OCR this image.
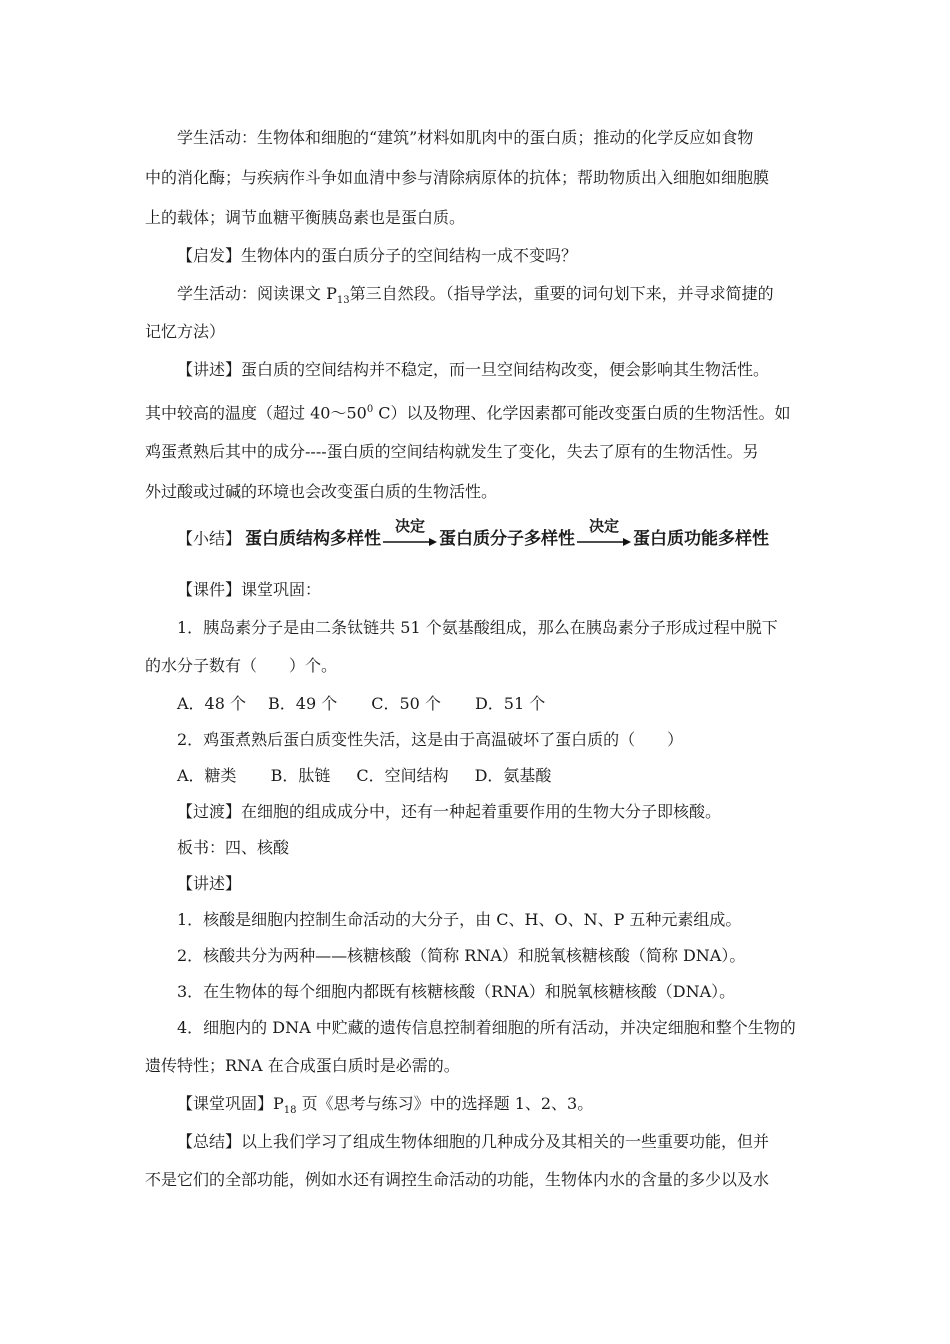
学生活动：生物体和细胞的“建筑”材料如肌肉中的蛋白质；推动的化学反应如食物
中的消化酶；与疾病作斗争如血清中参与清除病原体的抗体；帮助物质出入细胞如细胞膜
上的载体；调节血糖平衡胰岛素也是蛋白质。
【启发】生物体内的蛋白质分子的空间结构一成不变吗？
学生活动：阅读课文 $P_{13}$第三自然段。（指导学法，重要的词句划下来，并寻求简捷的
记忆方法）
【讲述】蛋白质的空间结构并不稳定，而一旦空间结构改变，便会影响其生物活性。
其中较高的温度（超过 $40\sim 50^0$ C）以及物理、化学因素都可能改变蛋白质的生物活性。如
鸡蛋煮熟后其中的成分----蛋白质的空间结构就发生了变化，失去了原有的生物活性。另
外过酸或过碱的环境也会改变蛋白质的生物活性。
【小结】 蛋白质结构多样性
决定
蛋白质分子多样性
决定
蛋白质功能多样性
【课件】课堂巩固：
1．胰岛素分子是由二条钛链共 51 个氨基酸组成，那么在胰岛素分子形成过程中脱下
的水分子数有（　　）个。
A．48 个 B．49 个 C．50 个 D．51 个
2．鸡蛋煮熟后蛋白质变性失活，这是由于高温破坏了蛋白质的（　　）
A．糖类 B．肽链 C．空间结构 D．氨基酸
【过渡】在细胞的组成成分中，还有一种起着重要作用的生物大分子即核酸。
板书：四、核酸
【讲述】
1．核酸是细胞内控制生命活动的大分子，由 C、H、O、N、P 五种元素组成。
2．核酸共分为两种——核糖核酸（简称 RNA）和脱氧核糖核酸（简称 DNA）。
3．在生物体的每个细胞内都既有核糖核酸（RNA）和脱氧核糖核酸（DNA）。
4．细胞内的 DNA 中贮藏的遗传信息控制着细胞的所有活动，并决定细胞和整个生物的
遗传特性；RNA 在合成蛋白质时是必需的。
【课堂巩固】$P_{18}$ 页《思考与练习》中的选择题 1、2、3。
【总结】以上我们学习了组成生物体细胞的几种成分及其相关的一些重要功能，但并
不是它们的全部功能，例如水还有调控生命活动的功能，生物体内水的含量的多少以及水
